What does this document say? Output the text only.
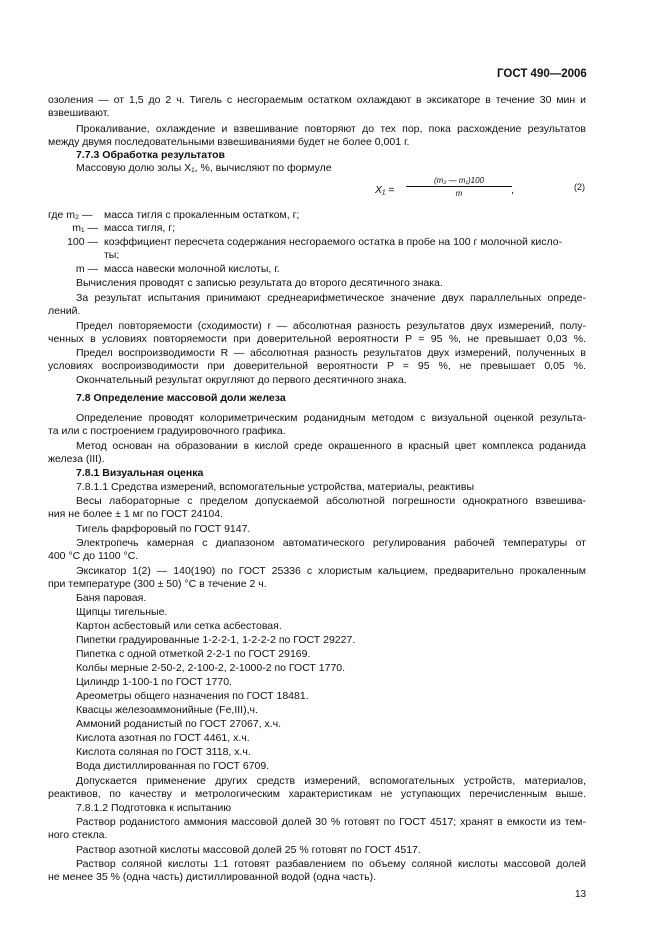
ГОСТ 490—2006
озоления — от 1,5 до 2 ч. Тигель с несгораемым остатком охлаждают в эксикаторе в течение 30 мин и
взвешивают.
Прокаливание, охлаждение и взвешивание повторяют до тех пор, пока расхождение результатов
между двумя последовательными взвешиваниями будет не более 0,001 г.
7.7.3 Обработка результатов
Массовую долю золы X₁, %, вычисляют по формуле
$X_1 = \frac{\text{(m₂ — m₁)100}}{m}$ ,	(2)
где m₂ — масса тигля с прокаленным остатком, г;
m₁ — масса тигля, г;
100 — коэффициент пересчета содержания несгораемого остатка в пробе на 100 г молочной кисло-
ты;
m — масса навески молочной кислоты, г.
Вычисления проводят с записью результата до второго десятичного знака.
За результат испытания принимают среднеарифметическое значение двух параллельных опреде-
лений.
Предел повторяемости (сходимости) r — абсолютная разность результатов двух измерений, полу-
ченных в условиях повторяемости при доверительной вероятности P = 95 %, не превышает 0,03 %.
Предел воспроизводимости R — абсолютная разность результатов двух измерений, полученных в
условиях воспроизводимости при доверительной вероятности P = 95 %, не превышает 0,05 %.
Окончательный результат округляют до первого десятичного знака.
7.8 Определение массовой доли железа
Определение проводят колориметрическим роданидным методом с визуальной оценкой результа-
та или с построением градуировочного графика.
Метод основан на образовании в кислой среде окрашенного в красный цвет комплекса роданида
железа (III).
7.8.1 Визуальная оценка
7.8.1.1 Средства измерений, вспомогательные устройства, материалы, реактивы
Весы лабораторные с пределом допускаемой абсолютной погрешности однократного взвешива-
ния не более ± 1 мг по ГОСТ 24104.
Тигель фарфоровый по ГОСТ 9147.
Электропечь камерная с диапазоном автоматического регулирования рабочей температуры от
400 °С до 1100 °С.
Эксикатор 1(2) — 140(190) по ГОСТ 25336 с хлористым кальцием, предварительно прокаленным
при температуре (300 ± 50) °С в течение 2 ч.
Баня паровая.
Щипцы тигельные.
Картон асбестовый или сетка асбестовая.
Пипетки градуированные 1-2-2-1, 1-2-2-2 по ГОСТ 29227.
Пипетка с одной отметкой 2-2-1 по ГОСТ 29169.
Колбы мерные 2-50-2, 2-100-2, 2-1000-2 по ГОСТ 1770.
Цилиндр 1-100-1 по ГОСТ 1770.
Ареометры общего назначения по ГОСТ 18481.
Квасцы железоаммонийные (Fe,III),ч.
Аммоний роданистый по ГОСТ 27067, х.ч.
Кислота азотная по ГОСТ 4461, х.ч.
Кислота соляная по ГОСТ 3118, х.ч.
Вода дистиллированная по ГОСТ 6709.
Допускается применение других средств измерений, вспомогательных устройств, материалов,
реактивов, по качеству и метрологическим характеристикам не уступающих перечисленным выше.
7.8.1.2 Подготовка к испытанию
Раствор роданистого аммония массовой долей 30 % готовят по ГОСТ 4517; хранят в емкости из тем-
ного стекла.
Раствор азотной кислоты массовой долей 25 % готовят по ГОСТ 4517.
Раствор соляной кислоты 1:1 готовят разбавлением по объему соляной кислоты массовой долей
не менее 35 % (одна часть) дистиллированной водой (одна часть).
13
